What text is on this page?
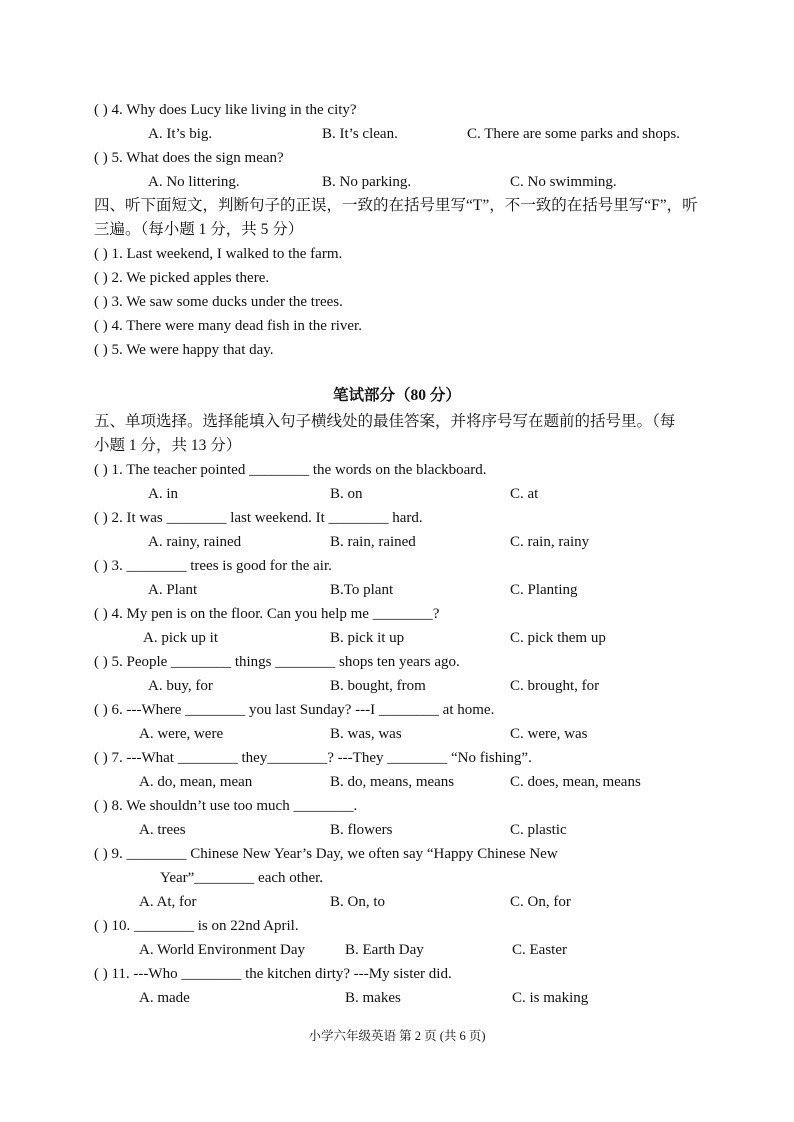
( ) 4. Why does Lucy like living in the city?
A. It’s big.	B. It’s clean.	C. There are some parks and shops.
( ) 5. What does the sign mean?
A. No littering.	B. No parking.	C. No swimming.
四、听下面短文，判断句子的正误，一致的在括号里写“T”，不一致的在括号里写“F”，听
三遍。（每小题 1 分，共 5 分）
( ) 1. Last weekend, I walked to the farm.
( ) 2. We picked apples there.
( ) 3. We saw some ducks under the trees.
( ) 4. There were many dead fish in the river.
( ) 5. We were happy that day.
笔试部分（80 分）
五、单项选择。选择能填入句子横线处的最佳答案，并将序号写在题前的括号里。（每
小题 1 分，共 13 分）
( ) 1. The teacher pointed ________ the words on the blackboard.
A. in	B. on	C. at
( ) 2. It was ________ last weekend. It ________ hard.
A. rainy, rained	B. rain, rained	C. rain, rainy
( ) 3. ________ trees is good for the air.
A. Plant	B.To plant	C. Planting
( ) 4. My pen is on the floor. Can you help me ________?
A. pick up it	B. pick it up	C. pick them up
( ) 5. People ________ things ________ shops ten years ago.
A. buy, for	B. bought, from	C. brought, for
( ) 6. ---Where ________ you last Sunday? ---I ________ at home.
A. were, were	B. was, was	C. were, was
( ) 7. ---What ________ they________? ---They ________ “No fishing”.
A. do, mean, mean	B. do, means, means	C. does, mean, means
( ) 8. We shouldn’t use too much ________.
A. trees	B. flowers	C. plastic
( ) 9. ________ Chinese New Year’s Day, we often say “Happy Chinese New
Year”________ each other.
A. At, for	B. On, to	C. On, for
( ) 10. ________ is on 22nd April.
A. World Environment Day	B. Earth Day	C. Easter
( ) 11. ---Who ________ the kitchen dirty? ---My sister did.
A. made	B. makes	C. is making
小学六年级英语 第 2 页 (共 6 页)
